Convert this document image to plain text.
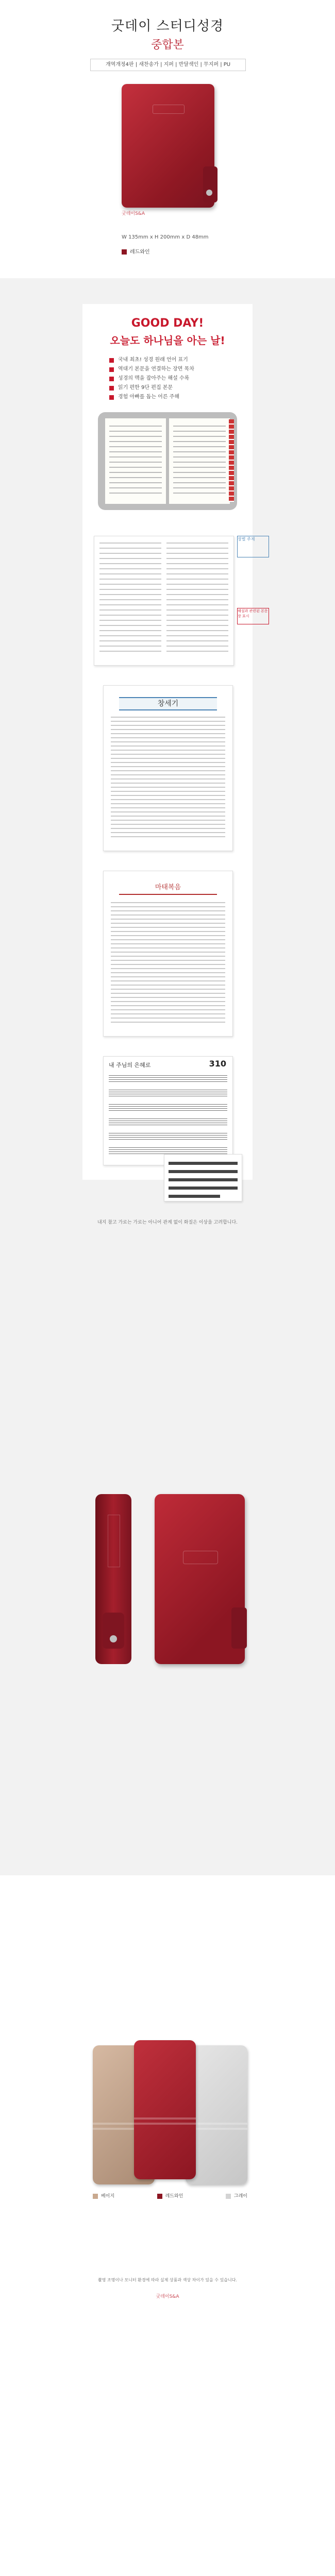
굿데이 스터디성경
중합본
개역개정4판 | 새찬송가 | 지퍼 | 반달색인 | 무지퍼 | PU
굿데이S&A
W 135mm x H 200mm x D 48mm
레드와인
GOOD DAY!
오늘도 하나님을 아는 날!
국내 최초! 성경 원래 언어 표기
역대기 본문을 연결하는 장면 목차
성경의 맥을 잡아주는 해설 수록
읽기 편한 9단 편집 본문
경험 아빠를 돕는 어른 주해
장별 주제
해설과 관련된 본문 장 표시
창세기
마태복음
내 주님의 은혜로	310
내지 참고 가로는 가로는 아니어 관계 없이 화질은 이상을 고려합니다.
베이지	레드와인	그레이
촬영 조명이나 모니터 환경에 따라 실제 상품과 색상 차이가 있을 수 있습니다.
굿데이S&A
